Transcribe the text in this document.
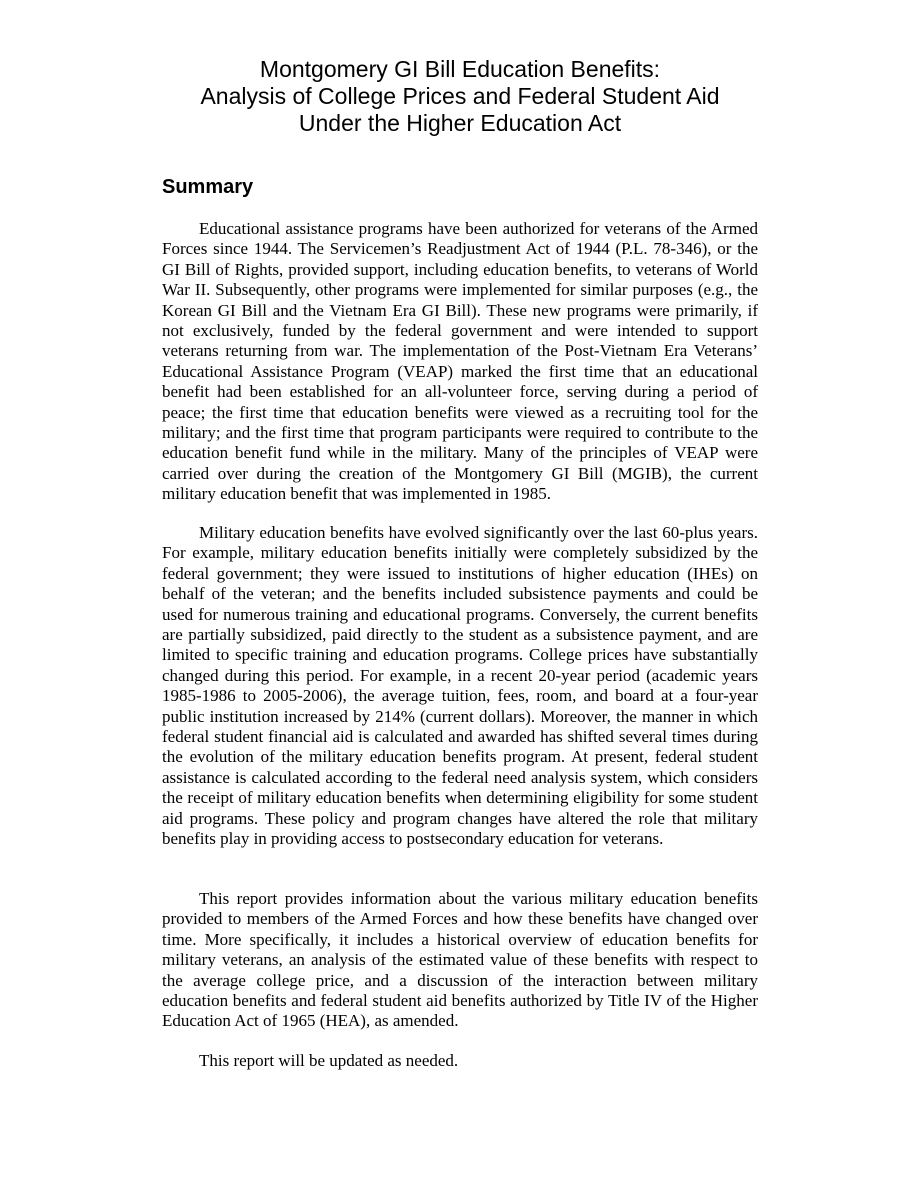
Montgomery GI Bill Education Benefits:
Analysis of College Prices and Federal Student Aid
Under the Higher Education Act
Summary

Educational assistance programs have been authorized for veterans of the Armed Forces since 1944. The Servicemen’s Readjustment Act of 1944 (P.L. 78-346), or the GI Bill of Rights, provided support, including education benefits, to veterans of World War II. Subsequently, other programs were implemented for similar purposes (e.g., the Korean GI Bill and the Vietnam Era GI Bill). These new programs were primarily, if not exclusively, funded by the federal government and were intended to support veterans returning from war. The implementation of the Post-Vietnam Era Veterans’ Educational Assistance Program (VEAP) marked the first time that an educational benefit had been established for an all-volunteer force, serving during a period of peace; the first time that education benefits were viewed as a recruiting tool for the military; and the first time that program participants were required to contribute to the education benefit fund while in the military. Many of the principles of VEAP were carried over during the creation of the Montgomery GI Bill (MGIB), the current military education benefit that was implemented in 1985.

Military education benefits have evolved significantly over the last 60-plus years. For example, military education benefits initially were completely subsidized by the federal government; they were issued to institutions of higher education (IHEs) on behalf of the veteran; and the benefits included subsistence payments and could be used for numerous training and educational programs. Conversely, the current benefits are partially subsidized, paid directly to the student as a subsistence payment, and are limited to specific training and education programs. College prices have substantially changed during this period. For example, in a recent 20-year period (academic years 1985-1986 to 2005-2006), the average tuition, fees, room, and board at a four-year public institution increased by 214% (current dollars). Moreover, the manner in which federal student financial aid is calculated and awarded has shifted several times during the evolution of the military education benefits program. At present, federal student assistance is calculated according to the federal need analysis system, which considers the receipt of military education benefits when determining eligibility for some student aid programs. These policy and program changes have altered the role that military benefits play in providing access to postsecondary education for veterans.

This report provides information about the various military education benefits provided to members of the Armed Forces and how these benefits have changed over time. More specifically, it includes a historical overview of education benefits for military veterans, an analysis of the estimated value of these benefits with respect to the average college price, and a discussion of the interaction between military education benefits and federal student aid benefits authorized by Title IV of the Higher Education Act of 1965 (HEA), as amended.

This report will be updated as needed.
